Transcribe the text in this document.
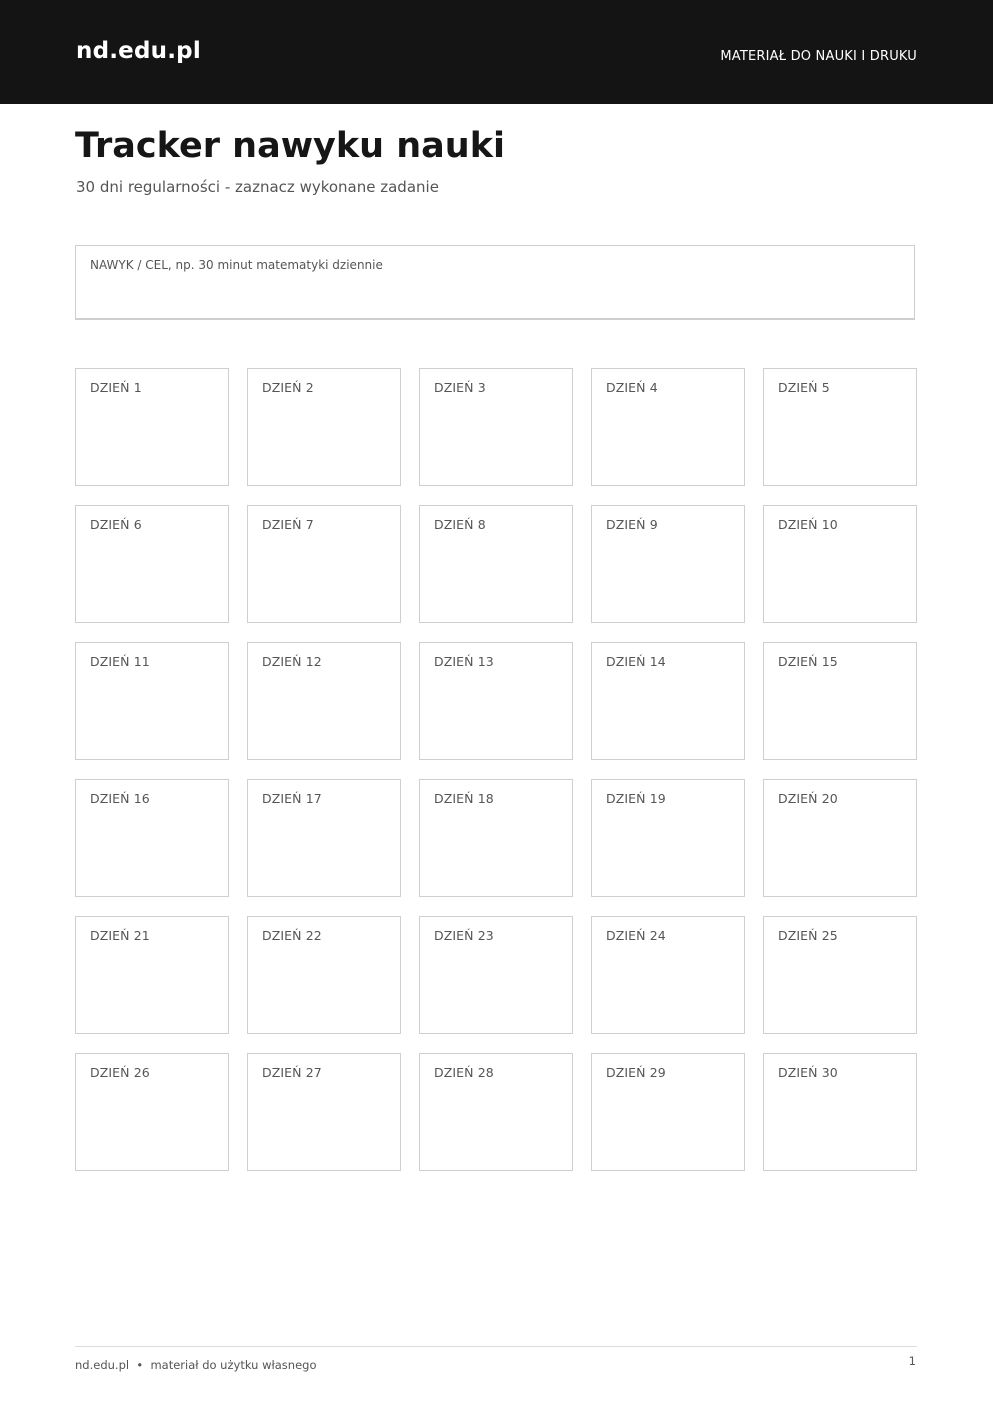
nd.edu.pl	MATERIAŁ DO NAUKI I DRUKU
Tracker nawyku nauki
30 dni regularności - zaznacz wykonane zadanie
NAWYK / CEL, np. 30 minut matematyki dziennie
DZIEŃ 1	DZIEŃ 2	DZIEŃ 3	DZIEŃ 4	DZIEŃ 5
DZIEŃ 6	DZIEŃ 7	DZIEŃ 8	DZIEŃ 9	DZIEŃ 10
DZIEŃ 11	DZIEŃ 12	DZIEŃ 13	DZIEŃ 14	DZIEŃ 15
DZIEŃ 16	DZIEŃ 17	DZIEŃ 18	DZIEŃ 19	DZIEŃ 20
DZIEŃ 21	DZIEŃ 22	DZIEŃ 23	DZIEŃ 24	DZIEŃ 25
DZIEŃ 26	DZIEŃ 27	DZIEŃ 28	DZIEŃ 29	DZIEŃ 30
nd.edu.pl  •  materiał do użytku własnego	1
